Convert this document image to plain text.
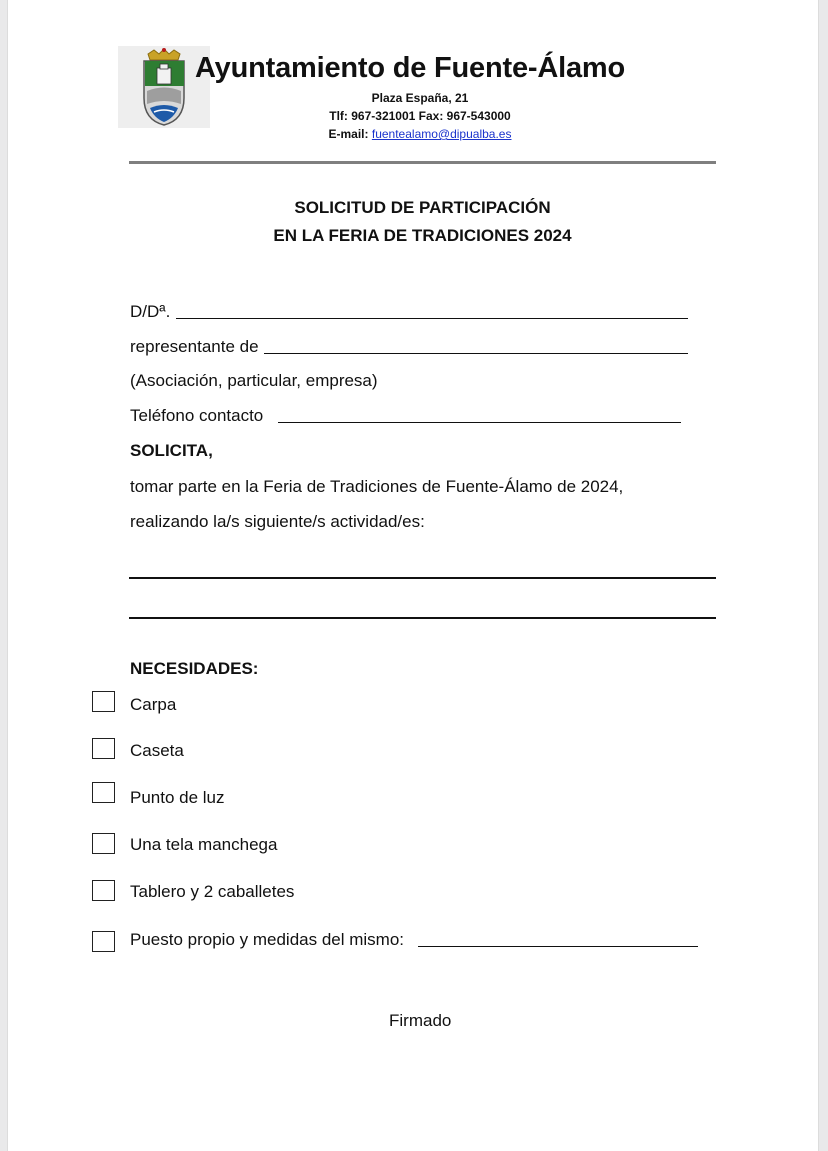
Ayuntamiento de Fuente-Álamo
Plaza España, 21
Tlf: 967-321001 Fax: 967-543000
E-mail: fuentealamo@dipualba.es
SOLICITUD DE PARTICIPACIÓN
EN LA FERIA DE TRADICIONES 2024
D/Dª.
representante de
(Asociación, particular, empresa)
Teléfono contacto
SOLICITA,
tomar parte en la Feria de Tradiciones de Fuente-Álamo de 2024,
realizando la/s siguiente/s actividad/es:
NECESIDADES:
Carpa
Caseta
Punto de luz
Una tela manchega
Tablero y 2 caballetes
Puesto propio y medidas del mismo:
Firmado
